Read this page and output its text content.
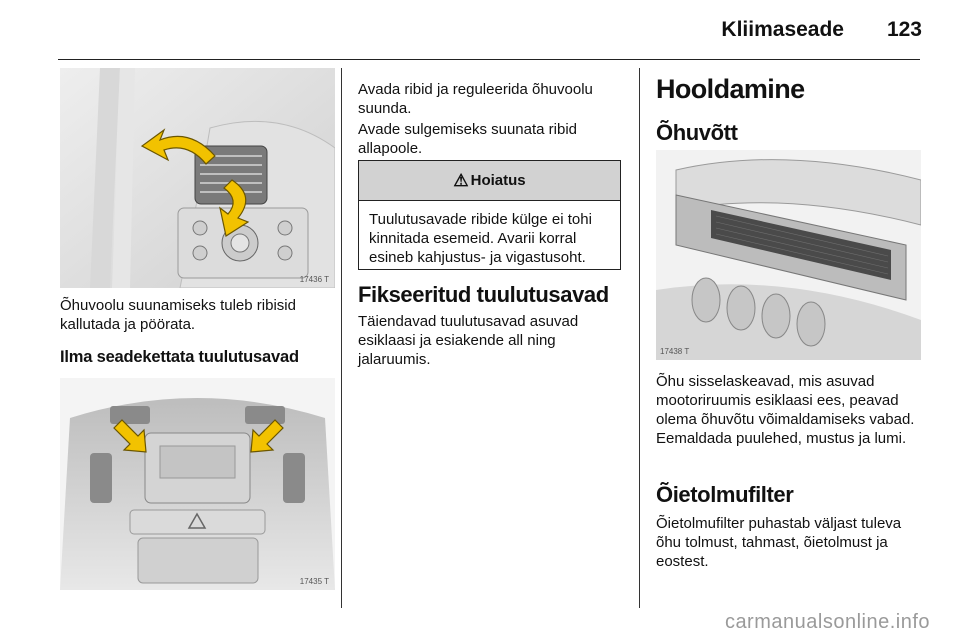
Kliimaseade 123
17436 T
Õhuvoolu suunamiseks tuleb ribisid kallutada ja pöörata.
Ilma seadekettata tuulutusavad
17435 T
Avada ribid ja reguleerida õhuvoolu suunda.
Avade sulgemiseks suunata ribid allapoole.
⚠ Hoiatus
Tuulutusavade ribide külge ei tohi kinnitada esemeid. Avarii korral esineb kahjustus- ja vigastusoht.
Fikseeritud tuulutusavad
Täiendavad tuulutusavad asuvad esiklaasi ja esiakende all ning jalaruumis.
Hooldamine
Õhuvõtt
17438 T
Õhu sisselaskeavad, mis asuvad mootoriruumis esiklaasi ees, peavad olema õhuvõtu võimaldamiseks vabad. Eemaldada puulehed, mustus ja lumi.
Õietolmufilter
Õietolmufilter puhastab väljast tuleva õhu tolmust, tahmast, õietolmust ja eostest.
carmanualsonline.info
